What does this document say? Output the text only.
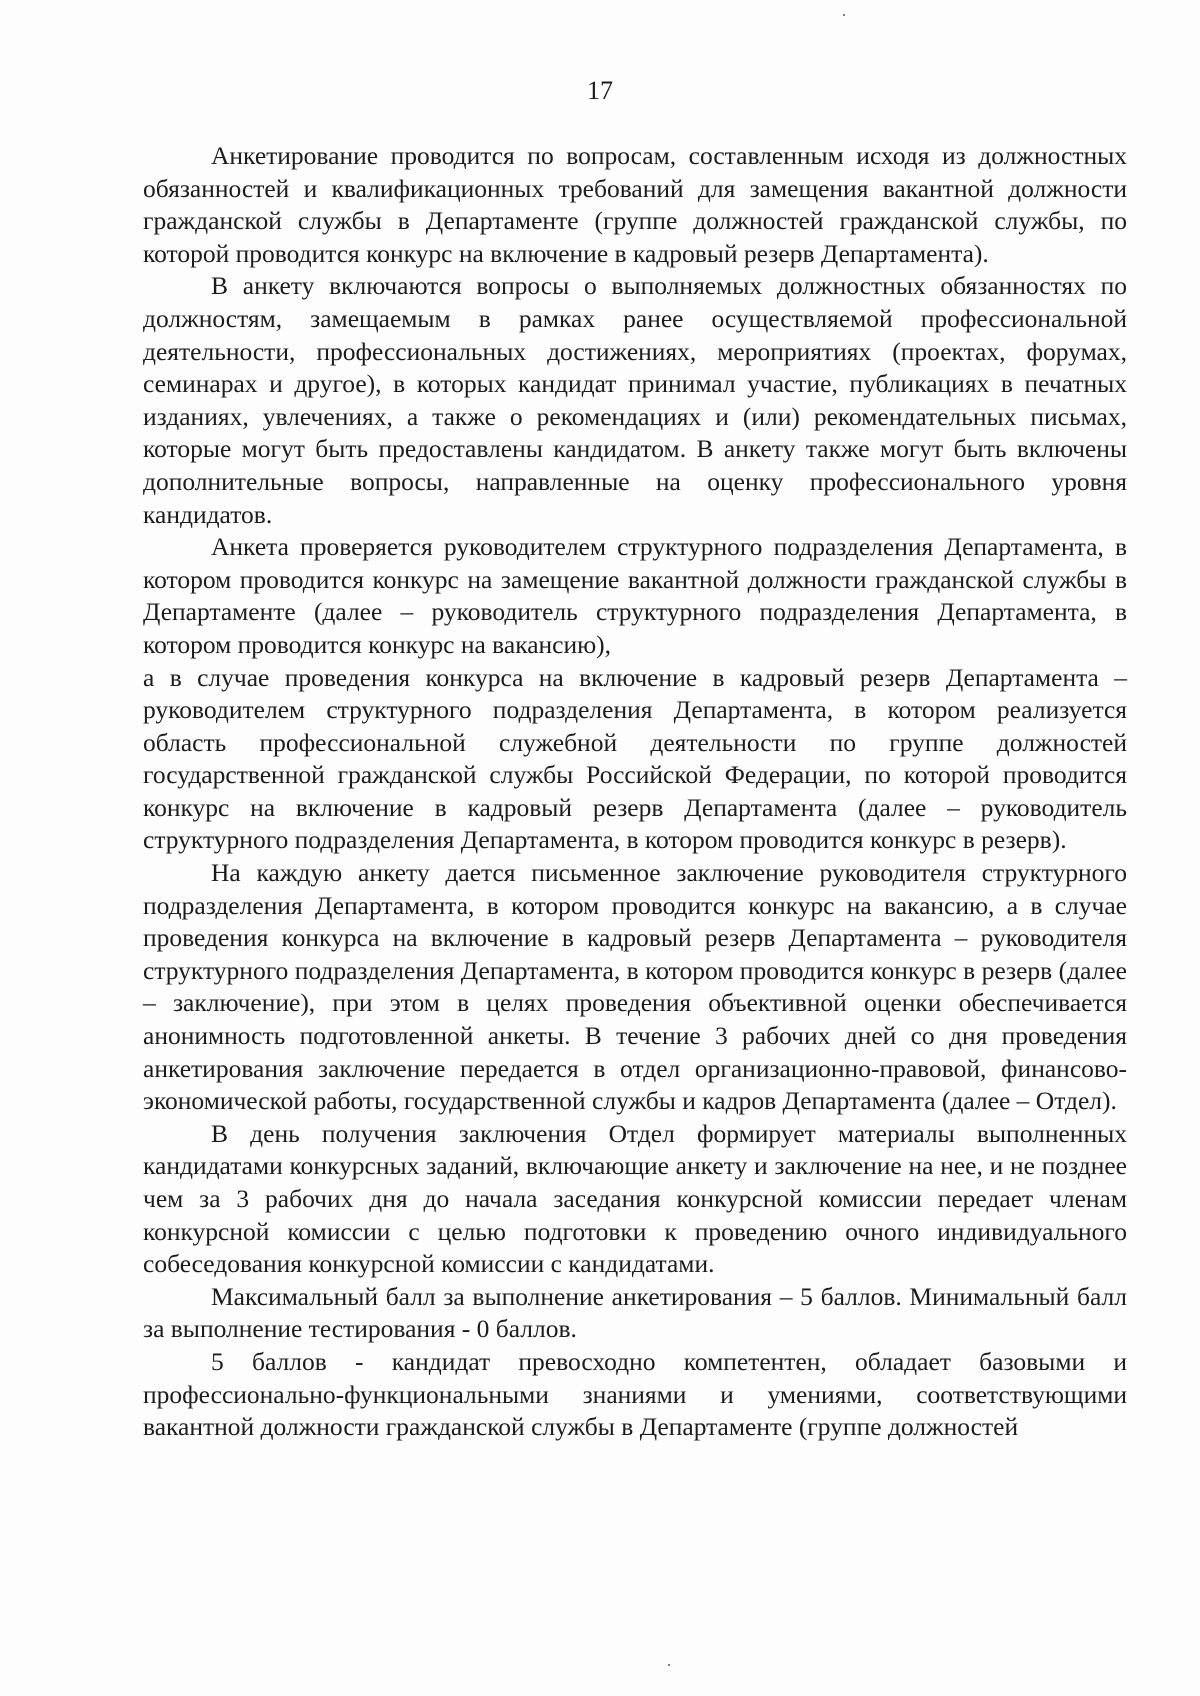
17

Анкетирование проводится по вопросам, составленным исходя из должностных обязанностей и квалификационных требований для замещения вакантной должности гражданской службы в Департаменте (группе должностей гражданской службы, по которой проводится конкурс на включение в кадровый резерв Департамента).

В анкету включаются вопросы о выполняемых должностных обязанностях по должностям, замещаемым в рамках ранее осуществляемой профессиональной деятельности, профессиональных достижениях, мероприятиях (проектах, форумах, семинарах и другое), в которых кандидат принимал участие, публикациях в печатных изданиях, увлечениях, а также о рекомендациях и (или) рекомендательных письмах, которые могут быть предоставлены кандидатом. В анкету также могут быть включены дополнительные вопросы, направленные на оценку профессионального уровня кандидатов.

Анкета проверяется руководителем структурного подразделения Департамента, в котором проводится конкурс на замещение вакантной должности гражданской службы в Департаменте (далее – руководитель структурного подразделения Департамента, в котором проводится конкурс на вакансию),

а в случае проведения конкурса на включение в кадровый резерв Департамента – руководителем структурного подразделения Департамента, в котором реализуется область профессиональной служебной деятельности по группе должностей государственной гражданской службы Российской Федерации, по которой проводится конкурс на включение в кадровый резерв Департамента (далее – руководитель структурного подразделения Департамента, в котором проводится конкурс в резерв).

На каждую анкету дается письменное заключение руководителя структурного подразделения Департамента, в котором проводится конкурс на вакансию, а в случае проведения конкурса на включение в кадровый резерв Департамента – руководителя структурного подразделения Департамента, в котором проводится конкурс в резерв (далее – заключение), при этом в целях проведения объективной оценки обеспечивается анонимность подготовленной анкеты. В течение 3 рабочих дней со дня проведения анкетирования заключение передается в отдел организационно-правовой, финансово-экономической работы, государственной службы и кадров Департамента (далее – Отдел).

В день получения заключения Отдел формирует материалы выполненных кандидатами конкурсных заданий, включающие анкету и заключение на нее, и не позднее чем за 3 рабочих дня до начала заседания конкурсной комиссии передает членам конкурсной комиссии с целью подготовки к проведению очного индивидуального собеседования конкурсной комиссии с кандидатами.

Максимальный балл за выполнение анкетирования – 5 баллов. Минимальный балл за выполнение тестирования - 0 баллов.

5 баллов - кандидат превосходно компетентен, обладает базовыми и профессионально-функциональными знаниями и умениями, соответствующими вакантной должности гражданской службы в Департаменте (группе должностей
